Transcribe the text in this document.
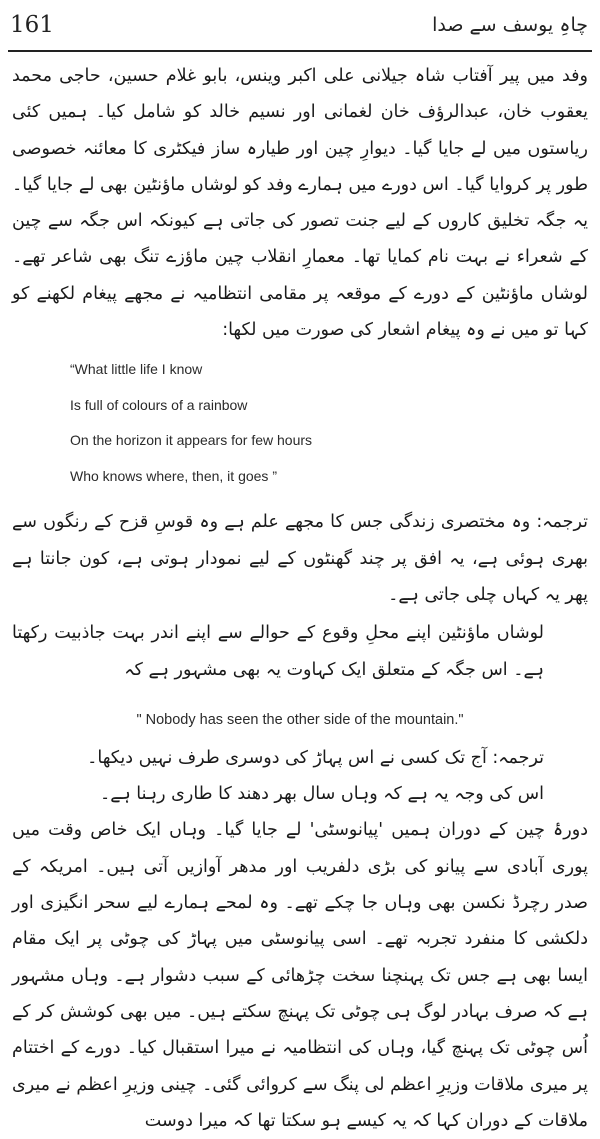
161	چاہِ یوسف سے صدا

وفد میں پیر آفتاب شاہ جیلانی علی اکبر وینس، بابو غلام حسین، حاجی محمد یعقوب خان، عبدالرؤف خان لغمانی اور نسیم خالد کو شامل کیا۔ ہمیں کئی ریاستوں میں لے جایا گیا۔ دیوارِ چین اور طیارہ ساز فیکٹری کا معائنہ خصوصی طور پر کروایا گیا۔ اس دورے میں ہمارے وفد کو لوشاں ماؤنٹین بھی لے جایا گیا۔ یہ جگہ تخلیق کاروں کے لیے جنت تصور کی جاتی ہے کیونکہ اس جگہ سے چین کے شعراء نے بہت نام کمایا تھا۔ معمارِ انقلاب چین ماؤزے تنگ بھی شاعر تھے۔ لوشاں ماؤنٹین کے دورے کے موقعہ پر مقامی انتظامیہ نے مجھے پیغام لکھنے کو کہا تو میں نے وہ پیغام اشعار کی صورت میں لکھا:

“What little life I know
Is full of colours of a rainbow
On the horizon it appears for few hours
Who knows where, then, it goes ”

ترجمہ: وہ مختصری زندگی جس کا مجھے علم ہے وہ قوسِ قزح کے رنگوں سے بھری ہوئی ہے، یہ افق پر چند گھنٹوں کے لیے نمودار ہوتی ہے، کون جانتا ہے پھر یہ کہاں چلی جاتی ہے۔

لوشاں ماؤنٹین اپنے محلِ وقوع کے حوالے سے اپنے اندر بہت جاذبیت رکھتا ہے۔ اس جگہ کے متعلق ایک کہاوت یہ بھی مشہور ہے کہ

" Nobody has seen the other side of the mountain."

ترجمہ: آج تک کسی نے اس پہاڑ کی دوسری طرف نہیں دیکھا۔

اس کی وجہ یہ ہے کہ وہاں سال بھر دھند کا طاری رہنا ہے۔

دورۂ چین کے دوران ہمیں 'پیانوسٹی' لے جایا گیا۔ وہاں ایک خاص وقت میں پوری آبادی سے پیانو کی بڑی دلفریب اور مدھر آوازیں آتی ہیں۔ امریکہ کے صدر رچرڈ نکسن بھی وہاں جا چکے تھے۔ وہ لمحے ہمارے لیے سحر انگیزی اور دلکشی کا منفرد تجربہ تھے۔ اسی پیانوسٹی میں پہاڑ کی چوٹی پر ایک مقام ایسا بھی ہے جس تک پہنچنا سخت چڑھائی کے سبب دشوار ہے۔ وہاں مشہور ہے کہ صرف بہادر لوگ ہی چوٹی تک پہنچ سکتے ہیں۔ میں بھی کوشش کر کے اُس چوٹی تک پہنچ گیا، وہاں کی انتظامیہ نے میرا استقبال کیا۔ دورے کے اختتام پر میری ملاقات وزیرِ اعظم لی پنگ سے کروائی گئی۔ چینی وزیرِ اعظم نے میری ملاقات کے دوران کہا کہ یہ کیسے ہو سکتا تھا کہ میرا دوست
